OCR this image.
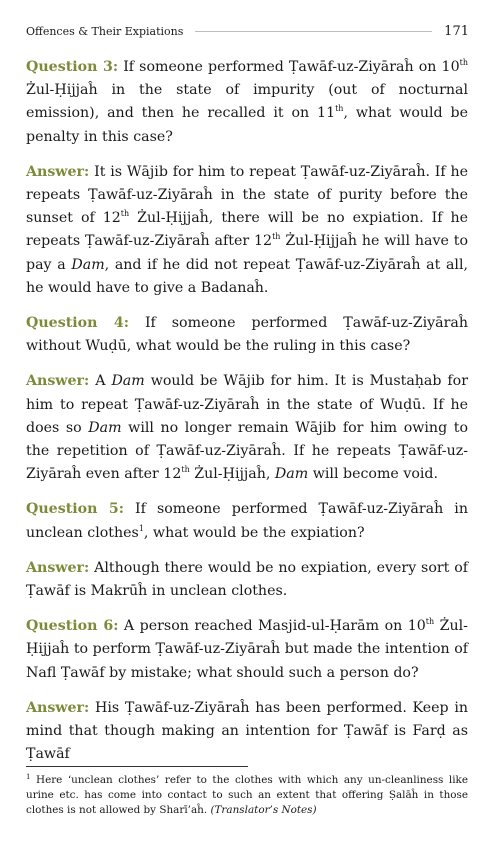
Offences & Their Expiations	171

Question 3: If someone performed Ṭawāf-uz-Ziyāraĥ on 10th Żul-Ḥijjaĥ in the state of impurity (out of nocturnal emission), and then he recalled it on 11th, what would be penalty in this case?

Answer: It is Wājib for him to repeat Ṭawāf-uz-Ziyāraĥ. If he repeats Ṭawāf-uz-Ziyāraĥ in the state of purity before the sunset of 12th Żul-Ḥijjaĥ, there will be no expiation. If he repeats Ṭawāf-uz-Ziyāraĥ after 12th Żul-Ḥijjaĥ he will have to pay a Dam, and if he did not repeat Ṭawāf-uz-Ziyāraĥ at all, he would have to give a Badanaĥ.

Question 4: If someone performed Ṭawāf-uz-Ziyāraĥ without Wuḍū, what would be the ruling in this case?

Answer: A Dam would be Wājib for him. It is Mustaḥab for him to repeat Ṭawāf-uz-Ziyāraĥ in the state of Wuḍū. If he does so Dam will no longer remain Wājib for him owing to the repetition of Ṭawāf-uz-Ziyāraĥ. If he repeats Ṭawāf-uz-Ziyāraĥ even after 12th Żul-Ḥijjaĥ, Dam will become void.

Question 5: If someone performed Ṭawāf-uz-Ziyāraĥ in unclean clothes$^1$, what would be the expiation?

Answer: Although there would be no expiation, every sort of Ṭawāf is Makrūĥ in unclean clothes.

Question 6: A person reached Masjid-ul-Ḥarām on 10th Żul-Ḥijjaĥ to perform Ṭawāf-uz-Ziyāraĥ but made the intention of Nafl Ṭawāf by mistake; what should such a person do?

Answer: His Ṭawāf-uz-Ziyāraĥ has been performed. Keep in mind that though making an intention for Ṭawāf is Farḍ as Ṭawāf

$^1$ Here ‘unclean clothes’ refer to the clothes with which any un-cleanliness like urine etc. has come into contact to such an extent that offering Ṣalāĥ in those clothes is not allowed by Sharī’aĥ. (Translator’s Notes)
